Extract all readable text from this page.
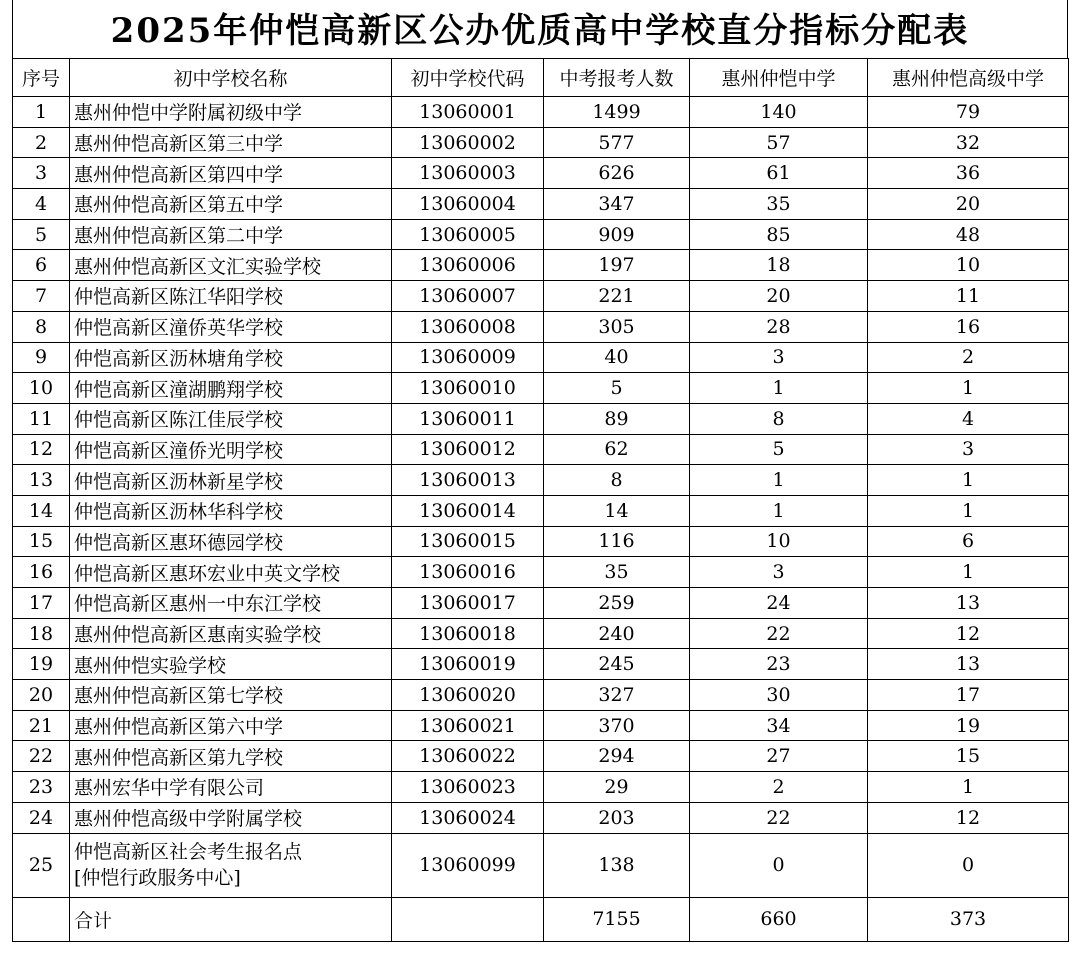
2025年仲恺高新区公办优质高中学校直分指标分配表
序号	初中学校名称	初中学校代码	中考报考人数	惠州仲恺中学	惠州仲恺高级中学
1	惠州仲恺中学附属初级中学	13060001	1499	140	79
2	惠州仲恺高新区第三中学	13060002	577	57	32
3	惠州仲恺高新区第四中学	13060003	626	61	36
4	惠州仲恺高新区第五中学	13060004	347	35	20
5	惠州仲恺高新区第二中学	13060005	909	85	48
6	惠州仲恺高新区文汇实验学校	13060006	197	18	10
7	仲恺高新区陈江华阳学校	13060007	221	20	11
8	仲恺高新区潼侨英华学校	13060008	305	28	16
9	仲恺高新区沥林塘角学校	13060009	40	3	2
10	仲恺高新区潼湖鹏翔学校	13060010	5	1	1
11	仲恺高新区陈江佳辰学校	13060011	89	8	4
12	仲恺高新区潼侨光明学校	13060012	62	5	3
13	仲恺高新区沥林新星学校	13060013	8	1	1
14	仲恺高新区沥林华科学校	13060014	14	1	1
15	仲恺高新区惠环德园学校	13060015	116	10	6
16	仲恺高新区惠环宏业中英文学校	13060016	35	3	1
17	仲恺高新区惠州一中东江学校	13060017	259	24	13
18	惠州仲恺高新区惠南实验学校	13060018	240	22	12
19	惠州仲恺实验学校	13060019	245	23	13
20	惠州仲恺高新区第七学校	13060020	327	30	17
21	惠州仲恺高新区第六中学	13060021	370	34	19
22	惠州仲恺高新区第九学校	13060022	294	27	15
23	惠州宏华中学有限公司	13060023	29	2	1
24	惠州仲恺高级中学附属学校	13060024	203	22	12
25	仲恺高新区社会考生报名点
[仲恺行政服务中心]	13060099	138	0	0
	合计		7155	660	373
